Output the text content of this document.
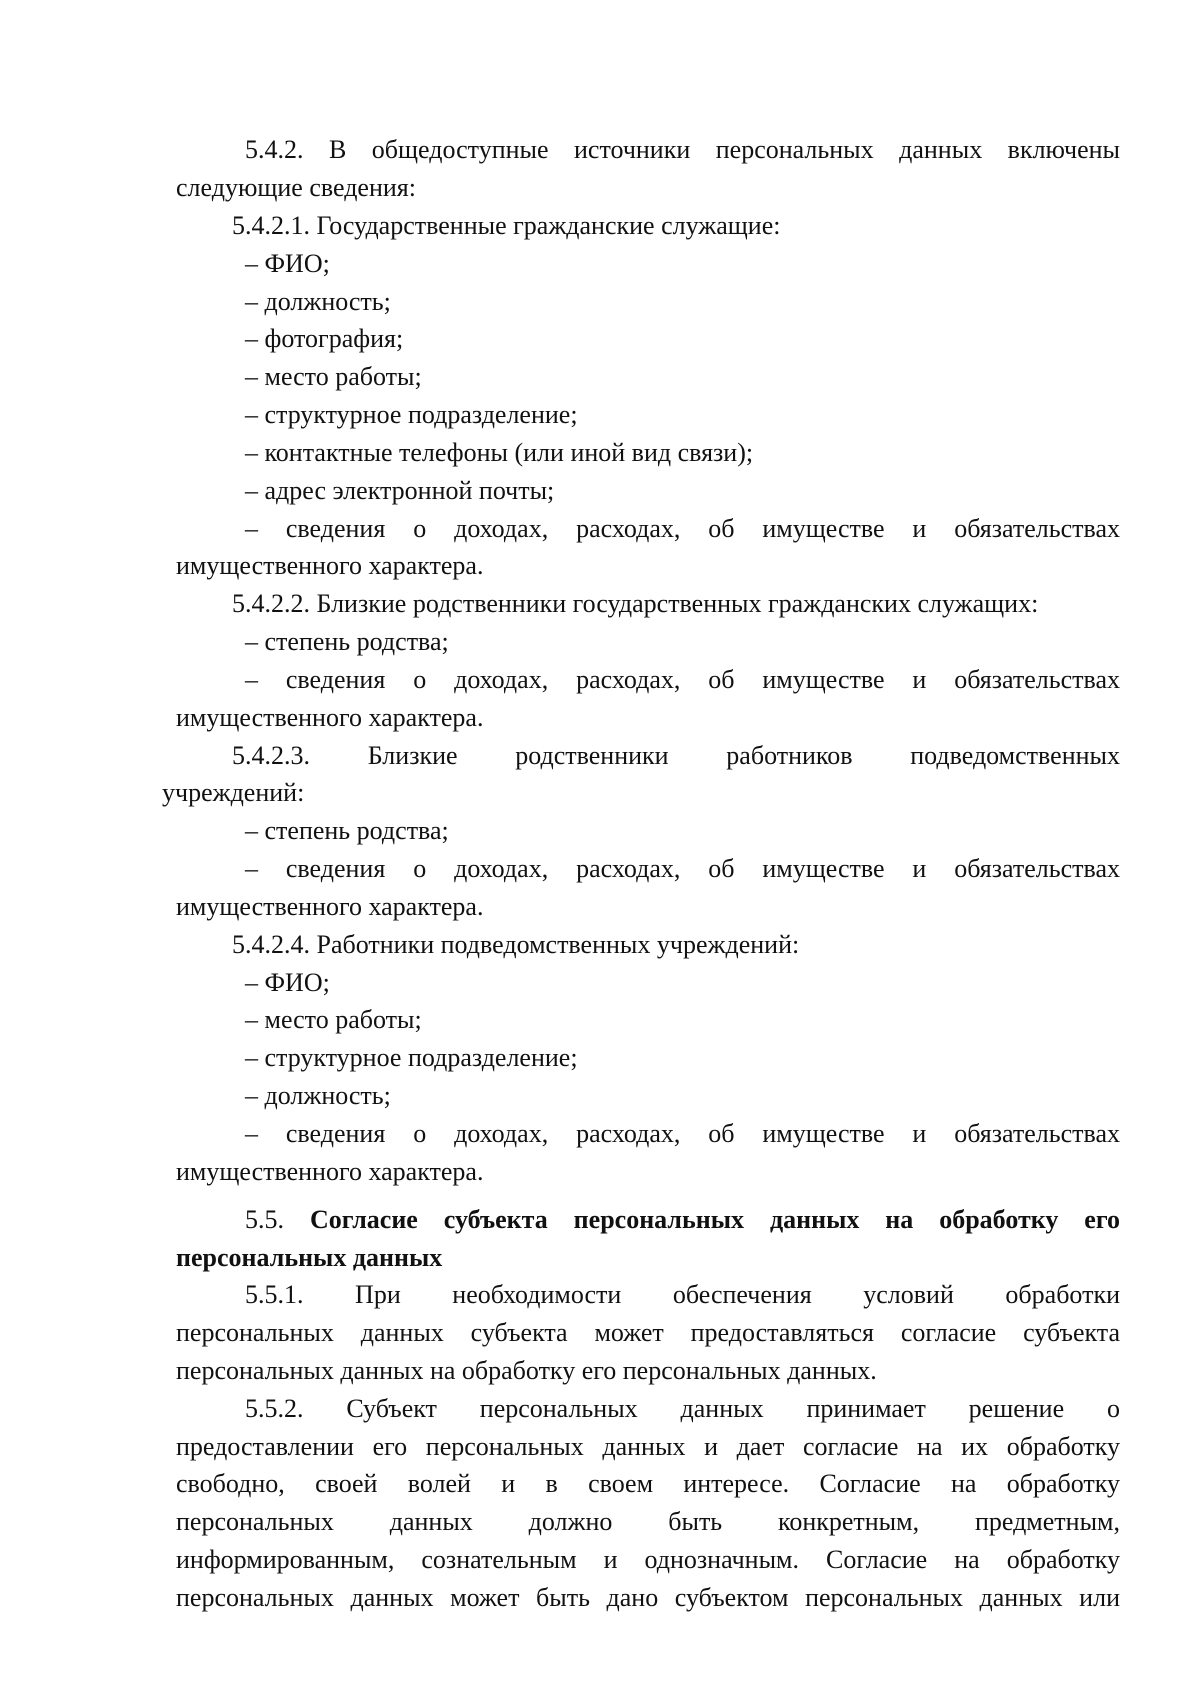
5.4.2. В общедоступные источники персональных данных включены
следующие сведения:
5.4.2.1. Государственные гражданские служащие:
– ФИО;
– должность;
– фотография;
– место работы;
– структурное подразделение;
– контактные телефоны (или иной вид связи);
– адрес электронной почты;
– сведения о доходах, расходах, об имуществе и обязательствах
имущественного характера.
5.4.2.2. Близкие родственники государственных гражданских служащих:
– степень родства;
– сведения о доходах, расходах, об имуществе и обязательствах
имущественного характера.
5.4.2.3. Близкие родственники работников подведомственных
учреждений:
– степень родства;
– сведения о доходах, расходах, об имуществе и обязательствах
имущественного характера.
5.4.2.4. Работники подведомственных учреждений:
– ФИО;
– место работы;
– структурное подразделение;
– должность;
– сведения о доходах, расходах, об имуществе и обязательствах
имущественного характера.
5.5. Согласие субъекта персональных данных на обработку его
персональных данных
5.5.1. При необходимости обеспечения условий обработки
персональных данных субъекта может предоставляться согласие субъекта
персональных данных на обработку его персональных данных.
5.5.2. Субъект персональных данных принимает решение о
предоставлении его персональных данных и дает согласие на их обработку
свободно, своей волей и в своем интересе. Согласие на обработку
персональных данных должно быть конкретным, предметным,
информированным, сознательным и однозначным. Согласие на обработку
персональных данных может быть дано субъектом персональных данных или
